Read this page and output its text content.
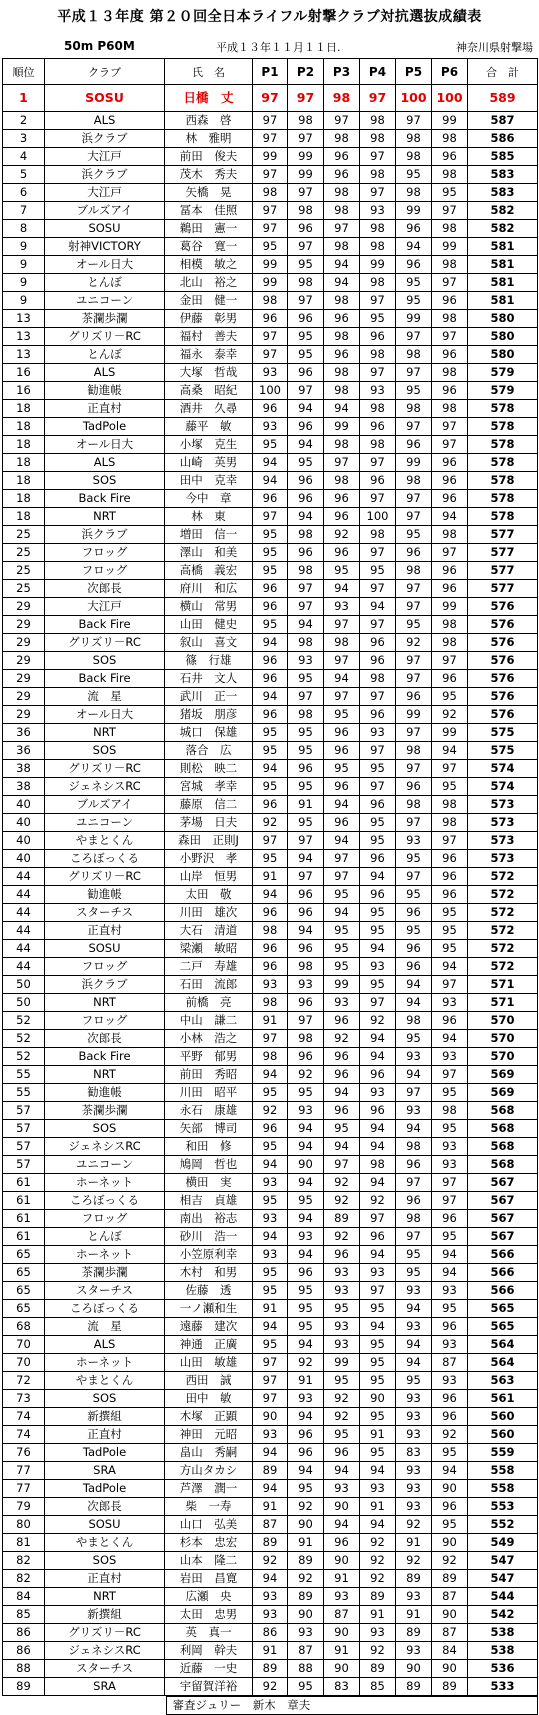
平成１３年度 第２０回全日本ライフル射撃クラブ対抗選抜成績表
50m P60M	平成１３年１１月１１日.	神奈川県射撃場
順位	クラブ	氏　名	P1	P2	P3	P4	P5	P6	合　計
1	SOSU	日橋　丈	97	97	98	97	100	100	589
2	ALS	西森　啓	97	98	97	98	97	99	587
3	浜クラブ	林　雅明	97	97	98	98	98	98	586
4	大江戸	前田　俊夫	99	99	96	97	98	96	585
5	浜クラブ	茂木　秀夫	97	99	96	98	95	98	583
6	大江戸	矢橋　晃	98	97	98	97	98	95	583
7	ブルズアイ	冨本　佳照	97	98	98	93	99	97	582
8	SOSU	鵜田　憲一	97	96	97	98	96	98	582
9	射神VICTORY	葛谷　寛一	95	97	98	98	94	99	581
9	オール日大	相模　敏之	99	95	94	99	96	98	581
9	とんぼ	北山　裕之	99	98	94	98	95	97	581
9	ユニコーン	金田　健一	98	97	98	97	95	96	581
13	茶瀾歩瀾	伊藤　彰男	96	96	96	95	99	98	580
13	グリズリ－RC	福村　善夫	97	95	98	96	97	97	580
13	とんぼ	福永　泰幸	97	95	96	98	98	96	580
16	ALS	大塚　哲哉	93	96	98	97	97	98	579
16	勧進帳	高桑　昭紀	100	97	98	93	95	96	579
18	正直村	酒井　久尋	96	94	94	98	98	98	578
18	TadPole	藤平　敏	93	96	99	96	97	97	578
18	オール日大	小塚　克生	95	94	98	98	96	97	578
18	ALS	山崎　英男	94	95	97	97	99	96	578
18	SOS	田中　克幸	94	96	98	96	98	96	578
18	Back Fire	今中　章	96	96	96	97	97	96	578
18	NRT	林　東	97	94	96	100	97	94	578
25	浜クラブ	増田　信一	95	98	92	98	95	98	577
25	フロッグ	澤山　和美	95	96	96	97	96	97	577
25	フロッグ	高橋　義宏	95	98	95	95	98	96	577
25	次郎長	府川　和広	96	97	94	97	97	96	577
29	大江戸	横山　常男	96	97	93	94	97	99	576
29	Back Fire	山田　健史	95	94	97	97	95	98	576
29	グリズリ－RC	叙山　喜文	94	98	98	96	92	98	576
29	SOS	篠　行雄	96	93	97	96	97	97	576
29	Back Fire	石井　文人	96	95	94	98	97	96	576
29	流　星	武川　正一	94	97	97	97	96	95	576
29	オール日大	猪坂　朋彦	96	98	95	96	99	92	576
36	NRT	城口　保雄	95	95	96	93	97	99	575
36	SOS	落合　広	95	95	96	97	98	94	575
38	グリズリ－RC	則松　映二	94	96	95	95	97	97	574
38	ジェネシスRC	宮城　孝幸	95	95	96	97	96	95	574
40	ブルズアイ	藤原　信二	96	91	94	96	98	98	573
40	ユニコーン	茅場　日夫	92	95	96	95	97	98	573
40	やまとくん	森田　正則J	97	97	94	95	93	97	573
40	ころぼっくる	小野沢　孝	95	94	97	96	95	96	573
44	グリズリ－RC	山岸　恒男	91	97	97	94	97	96	572
44	勧進帳	太田　敬	94	96	95	96	95	96	572
44	スターチス	川田　雄次	96	96	94	95	96	95	572
44	正直村	大石　清道	98	94	95	95	95	95	572
44	SOSU	梁瀬　敏昭	96	96	95	94	96	95	572
44	フロッグ	二戸　寿雄	96	98	95	93	96	94	572
50	浜クラブ	石田　流郎	93	93	99	95	94	97	571
50	NRT	前橋　亮	98	96	93	97	94	93	571
52	フロッグ	中山　謙二	91	97	96	92	98	96	570
52	次郎長	小林　浩之	97	98	92	94	95	94	570
52	Back Fire	平野　郁男	98	96	96	94	93	93	570
55	NRT	前田　秀昭	94	92	96	96	94	97	569
55	勧進帳	川田　昭平	95	95	94	93	97	95	569
57	茶瀾歩瀾	永石　康雄	92	93	96	96	93	98	568
57	SOS	矢部　博司	96	94	95	94	94	95	568
57	ジェネシスRC	和田　修	95	94	94	94	98	93	568
57	ユニコーン	鳩岡　哲也	94	90	97	98	96	93	568
61	ホーネット	横田　実	93	94	92	94	97	97	567
61	ころぼっくる	相吉　貞雄	95	95	92	92	96	97	567
61	フロッグ	南出　裕志	93	94	89	97	98	96	567
61	とんぼ	砂川　浩一	94	93	92	96	97	95	567
65	ホーネット	小笠原利幸	93	94	96	94	95	94	566
65	茶瀾歩瀾	木村　和男	95	96	93	93	95	94	566
65	スターチス	佐藤　透	95	95	93	97	93	93	566
65	ころぼっくる	一ノ瀬和生	91	95	95	95	94	95	565
68	流　星	遠藤　建次	94	95	93	94	93	96	565
70	ALS	神通　正廣	95	94	93	95	94	93	564
70	ホーネット	山田　敏雄	97	92	99	95	94	87	564
72	やまとくん	西田　誠	97	91	95	95	95	93	563
73	SOS	田中　敏	97	93	92	90	93	96	561
74	新撰組	木塚　正顕	90	94	92	95	93	96	560
74	正直村	神田　元昭	93	96	95	91	93	92	560
76	TadPole	畠山　秀嗣	94	96	96	95	83	95	559
77	SRA	方山タカシ	89	94	94	94	93	94	558
77	TadPole	芦澤　潤一	94	95	93	93	93	90	558
79	次郎長	柴　一寿	91	92	90	91	93	96	553
80	SOSU	山口　弘美	87	90	94	94	92	95	552
81	やまとくん	杉本　忠宏	89	91	96	92	91	90	549
82	SOS	山本　隆二	92	89	90	92	92	92	547
82	正直村	岩田　昌寛	94	92	91	92	89	89	547
84	NRT	広瀬　央	93	89	93	89	93	87	544
85	新撰組	太田　忠男	93	90	87	91	91	90	542
86	グリズリ－RC	英　真一	86	93	90	93	89	87	538
86	ジェネシスRC	利岡　幹夫	91	87	91	92	93	84	538
88	スターチス	近藤　一史	89	88	90	89	90	90	536
89	SRA	宇留賀洋裕	92	95	83	85	89	89	533
	審査ジュリー　新木　章夫
